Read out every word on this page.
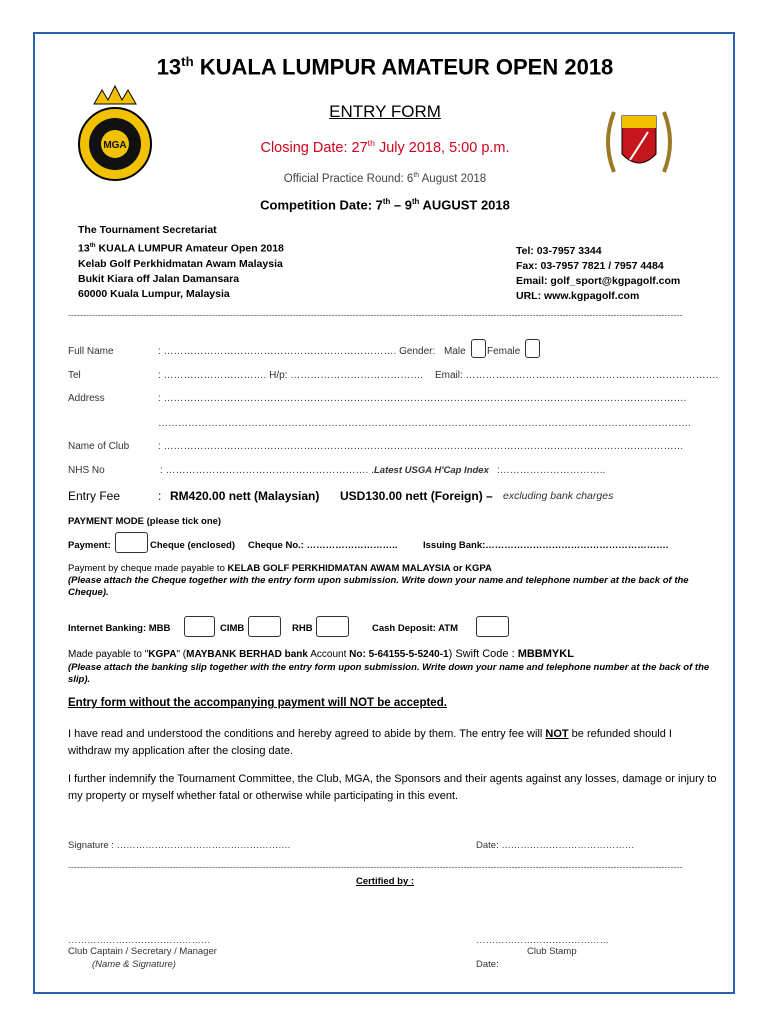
MGA
13th KUALA LUMPUR AMATEUR OPEN 2018
ENTRY FORM
Closing Date: 27th July 2018, 5:00 p.m.
Official Practice Round: 6th August 2018
Competition Date: 7th – 9th AUGUST 2018
The Tournament Secretariat
13th KUALA LUMPUR Amateur Open 2018
Kelab Golf Perkhidmatan Awam Malaysia
Bukit Kiara off Jalan Damansara
60000 Kuala Lumpur, Malaysia
Tel: 03-7957 3344
Fax: 03-7957 7821 / 7957 4484
Email: golf_sport@kgpagolf.com
URL: www.kgpagolf.com
-------------------------------------------------------------------------------------------------------------------------------------------------------------------------------------------------------------
Full Name	: ……………………………………………………………. Gender: Male Female
Tel	: …………………………. H/p: …………………………………. Email: ………………………………………………………………….
Address	: ………………………………………………………………………………………………………………………………………….
…………………………………………………………………………………………………………………………………………….
Name of Club	: …………………………………………………………………………………………………………………………………………
NHS No	: ……………………………………………………. . Latest USGA H'Cap Index :…………………………..
Entry Fee	: RM420.00 nett (Malaysian) USD130.00 nett (Foreign) – excluding bank charges
PAYMENT MODE (please tick one)
Payment:	Cheque (enclosed) Cheque No.: ………………………..	Issuing Bank:………………………………………………….
Payment by cheque made payable to KELAB GOLF PERKHIDMATAN AWAM MALAYSIA or KGPA
(Please attach the Cheque together with the entry form upon submission. Write down your name and telephone number at the back of the Cheque).
Internet Banking: MBB	CIMB	RHB	Cash Deposit: ATM
Made payable to "KGPA" (MAYBANK BERHAD bank Account No: 5-64155-5-5240-1) Swift Code : MBBMYKL
(Please attach the banking slip together with the entry form upon submission. Write down your name and telephone number at the back of the slip).
Entry form without the accompanying payment will NOT be accepted.
I have read and understood the conditions and hereby agreed to abide by them. The entry fee will NOT be refunded should I withdraw my application after the closing date.
I further indemnify the Tournament Committee, the Club, MGA, the Sponsors and their agents against any losses, damage or injury to my property or myself whether fatal or otherwise while participating in this event.
Signature : ……………………………………………….	Date: ……………………………………
-------------------------------------------------------------------------------------------------------------------------------------------------------------------------------------------------------------
Certified by :
………………………………………
Club Captain / Secretary / Manager
(Name & Signature)
……………………………………
Club Stamp
Date:
